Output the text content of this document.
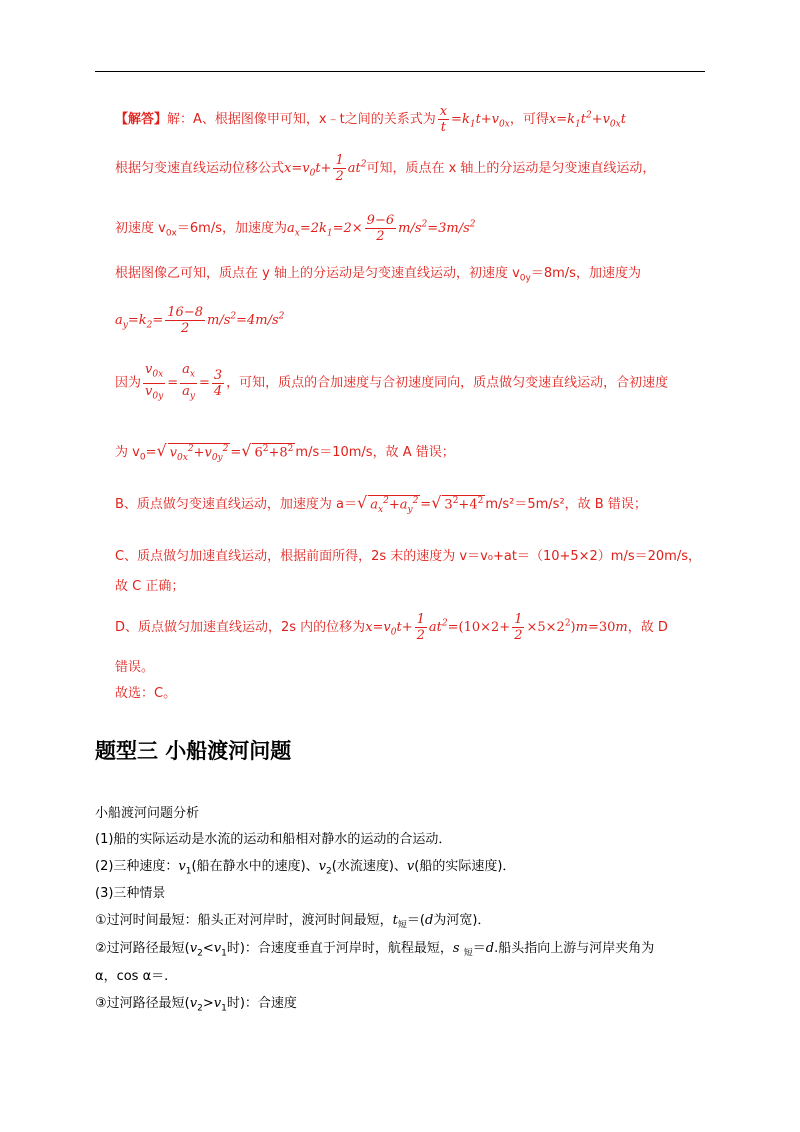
【解答】解：A、根据图像甲可知，x﹣t之间的关系式为 $\frac{x}{t} =k_1t+v_{0x}$，可得$x=k_1t^2+v_{0x}t$
根据匀变速直线运动位移公式$x=v_0t+ \frac{1}{2} at^2$可知，质点在 x 轴上的分运动是匀变速直线运动，
初速度 $v_{0x}=6m/s$，加速度为$a_x=2k_1=2\times \frac{9-6}{2} m/s^2=3m/s^2$
根据图像乙可知，质点在 y 轴上的分运动是匀变速直线运动，初速度 $v_{0y}=8m/s$，加速度为
$a_y=k_2= \frac{16-8}{2} m/s^2=4m/s^2$
因为 $\frac{v_{0x}}{v_{0y}} = \frac{a_x}{a_y} = \frac{3}{4}$ ，可知，质点的合加速度与合初速度同向，质点做匀变速直线运动，合初速度
为 $v_0=√$ $v_{0x}^2+v_{0y}^2$ =√ $6^2+8^2$ m/s＝10m/s，故 A 错误；
B、质点做匀变速直线运动，加速度为 a＝√ $a_x^2+a_y^2$ =√ $3^2+4^2$ m/s²＝5m/s²，故 B 错误；
C、质点做匀加速直线运动，根据前面所得，2s 末的速度为 v＝v₀+at＝（10+5×2）m/s＝20m/s，
故 C 正确；
D、质点做匀加速直线运动，2s 内的位移为$x=v_0t+ \frac{1}{2} at^2=(10\times 2+ \frac{1}{2} \times 5\times 2^2)m=30m$，故 D
错误。
故选：C。
题型三 小船渡河问题
小船渡河问题分析
(1)船的实际运动是水流的运动和船相对静水的运动的合运动．
(2)三种速度：$v_1$(船在静水中的速度)、$v_2$(水流速度)、v(船的实际速度)．
(3)三种情景
①过河时间最短：船头正对河岸时，渡河时间最短，$t_短=(d$为河宽)．
②过河路径最短($v_2<v_1$时)：合速度垂直于河岸时，航程最短，s $_短$＝d.船头指向上游与河岸夹角为
α，cos α＝.
③过河路径最短($v_2>v_1$时)：合速度
